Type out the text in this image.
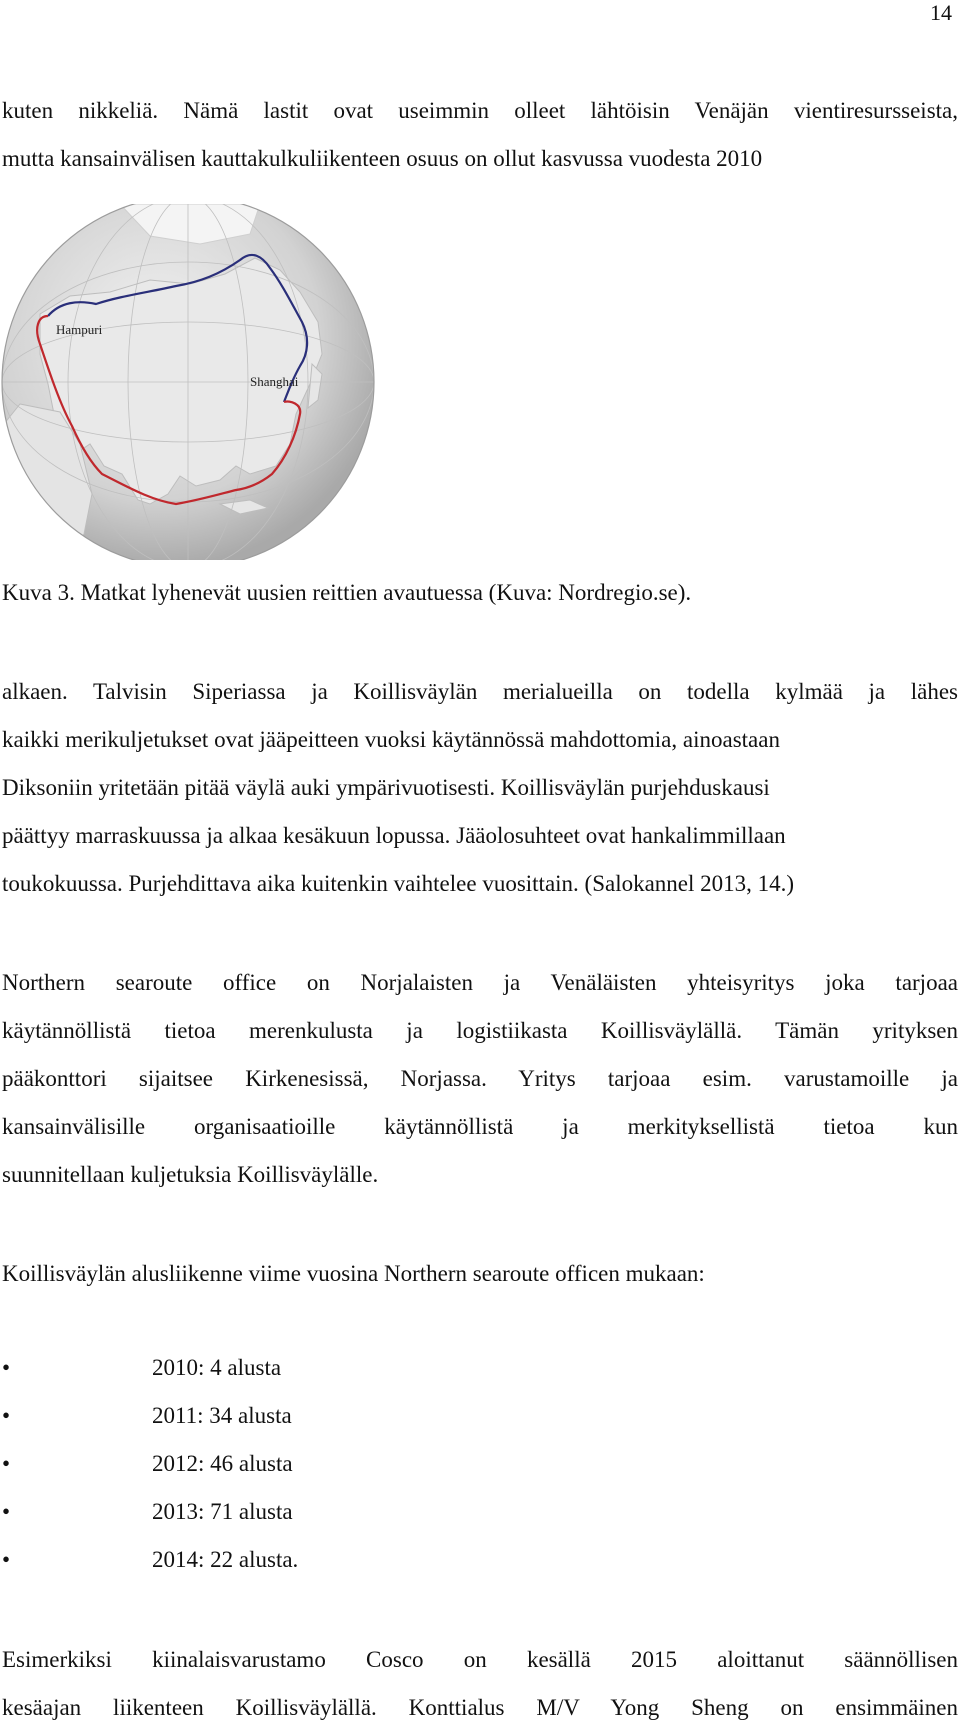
14
kuten nikkeliä. Nämä lastit ovat useimmin olleet lähtöisin Venäjän vientiresursseista,
mutta kansainvälisen kauttakulkuliikenteen osuus on ollut kasvussa vuodesta 2010
Hampuri
Shanghai

Kuva 3. Matkat lyhenevät uusien reittien avautuessa (Kuva: Nordregio.se).

alkaen. Talvisin Siperiassa ja Koillisväylän merialueilla on todella kylmää ja lähes
kaikki merikuljetukset ovat jääpeitteen vuoksi käytännössä mahdottomia, ainoastaan
Diksoniin yritetään pitää väylä auki ympärivuotisesti. Koillisväylän purjehduskausi
päättyy marraskuussa ja alkaa kesäkuun lopussa. Jääolosuhteet ovat hankalimmillaan
toukokuussa. Purjehdittava aika kuitenkin vaihtelee vuosittain. (Salokannel 2013, 14.)
Northern searoute office on Norjalaisten ja Venäläisten yhteisyritys joka tarjoaa
käytännöllistä tietoa merenkulusta ja logistiikasta Koillisväylällä. Tämän yrityksen
pääkonttori sijaitsee Kirkenesissä, Norjassa. Yritys tarjoaa esim. varustamoille ja
kansainvälisille organisaatioille käytännöllistä ja merkityksellistä tietoa kun
suunnitellaan kuljetuksia Koillisväylälle.
Koillisväylän alusliikenne viime vuosina Northern searoute officen mukaan:
•	2010: 4 alusta
•	2011: 34 alusta
•	2012: 46 alusta
•	2013: 71 alusta
•	2014: 22 alusta.
Esimerkiksi kiinalaisvarustamo Cosco on kesällä 2015 aloittanut säännöllisen
kesäajan liikenteen Koillisväylällä. Konttialus M/V Yong Sheng on ensimmäinen
